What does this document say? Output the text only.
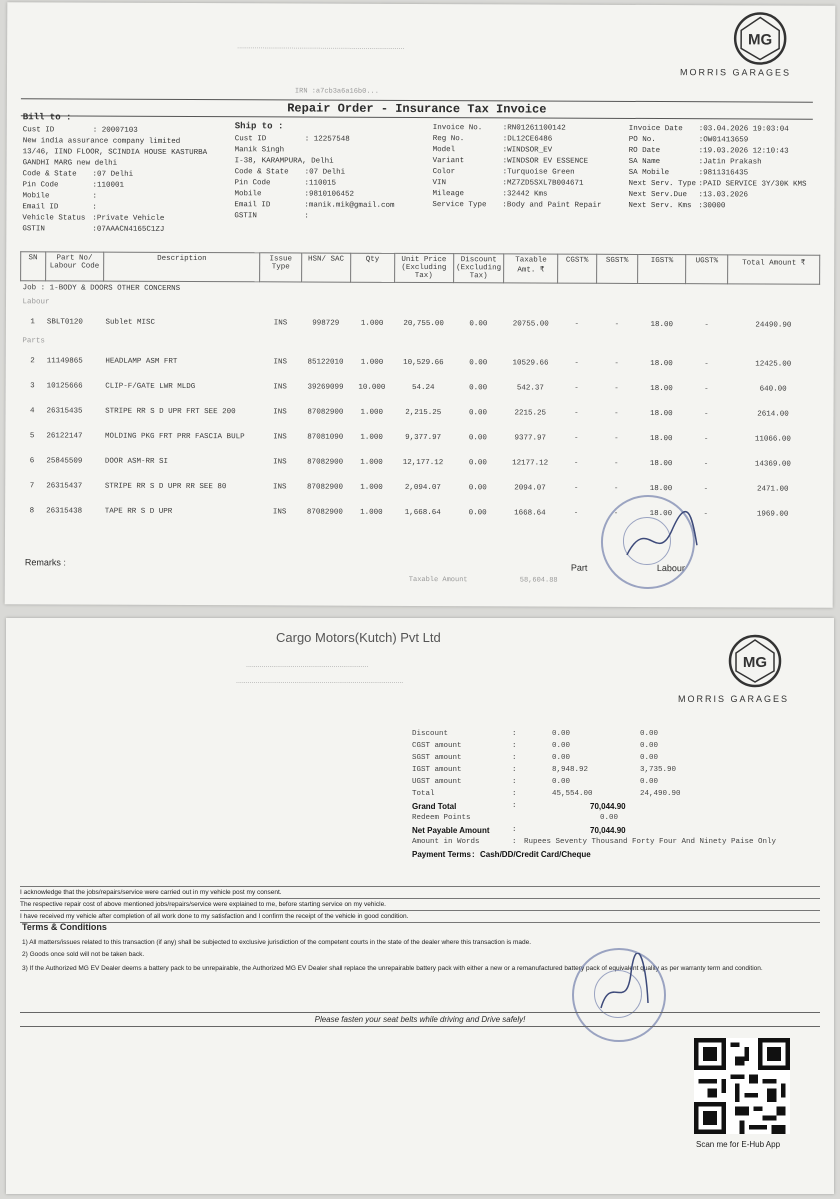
......................................................................................	MG
MORRIS GARAGES
IRN :a7cb3a6a16b0...
Repair Order - Insurance Tax Invoice
Bill to :
Cust ID	: 20007103
New india assurance company limited
13/46, IIND FLOOR, SCINDIA HOUSE KASTURBA
GANDHI MARG new delhi
Code & State	:07 Delhi
Pin Code	:110001
Mobile	:
Email ID	:
Vehicle Status :Private Vehicle
GSTIN	:07AAACN4165C1ZJ
Ship to :
Cust ID	: 12257548
Manik Singh
I-38, KARAMPURA, Delhi
Code & State	:07 Delhi
Pin Code	:110015
Mobile	:9810106452
Email ID	:manik.mik@gmail.com
GSTIN	:
Invoice No.	:RN01261100142
Reg No.	:DL12CE6486
Model	:WINDSOR_EV
Variant	:WINDSOR EV ESSENCE
Color	:Turquoise Green
VIN	:MZ7ZD5SXL7B004671
Mileage	:32442 Kms
Service Type	:Body and Paint Repair
Invoice Date	:03.04.2026 19:03:04
PO No.	:OW01413659
RO Date	:19.03.2026 12:10:43
SA Name	:Jatin Prakash
SA Mobile	:9811316435
Next Serv. Type :PAID SERVICE 3Y/30K KMS
Next Serv.Due	:13.03.2026
Next Serv. Kms :30000
SN	Part No/ Labour Code	Description	Issue Type	HSN/ SAC	Qty	Unit Price (Excluding Tax)	Discount (Excluding Tax)	Taxable Amt. ₹	CGST%	SGST%	IGST%	UGST%	Total Amount ₹
Job : 1-BODY & DOORS OTHER CONCERNS													
Labour													
1	SBLT0120	Sublet MISC	INS	998729	1.000	20,755.00	0.00	20755.00	-	-	18.00	-	24490.90
Parts													
2	11149865	HEADLAMP ASM FRT	INS	85122010	1.000	10,529.66	0.00	10529.66	-	-	18.00	-	12425.00
3	10125666	CLIP-F/GATE LWR MLDG	INS	39269099	10.000	54.24	0.00	542.37	-	-	18.00	-	640.00
4	26315435	STRIPE RR S D UPR FRT SEE 200	INS	87082900	1.000	2,215.25	0.00	2215.25	-	-	18.00	-	2614.00
5	26122147	MOLDING PKG FRT PRR FASCIA BULP	INS	87081090	1.000	9,377.97	0.00	9377.97	-	-	18.00	-	11066.00
6	25845509	DOOR ASM-RR SI	INS	87082900	1.000	12,177.12	0.00	12177.12	-	-	18.00	-	14369.00
7	26315437	STRIPE RR S D UPR RR SEE 80	INS	87082900	1.000	2,094.07	0.00	2094.07	-	-	18.00	-	2471.00
8	26315438	TAPE RR S D UPR	INS	87082900	1.000	1,668.64	0.00	1668.64	-	-	18.00	-	1969.00
Remarks :
Taxable Amount	58,604.88
Part	Labour
Cargo Motors(Kutch) Pvt Ltd
...............................................................
......................................................................................
MG
MORRIS GARAGES
Discount	:	0.00	0.00
CGST amount	:	0.00	0.00
SGST amount	:	0.00	0.00
IGST amount	:	8,948.92	3,735.90
UGST amount	:	0.00	0.00
Total	:	45,554.00	24,490.90
Grand Total	:	70,044.90
Redeem Points	0.00
Net Payable Amount	:	70,044.90
Amount in Words	: Rupees Seventy Thousand Forty Four And Ninety Paise Only
Payment Terms : Cash/DD/Credit Card/Cheque
I acknowledge that the jobs/repairs/service were carried out in my vehicle post my consent.
The respective repair cost of above mentioned jobs/repairs/service were explained to me, before starting service on my vehicle.
I have received my vehicle after completion of all work done to my satisfaction and I confirm the receipt of the vehicle in good condition.
Terms & Conditions
1) All matters/issues related to this transaction (if any) shall be subjected to exclusive jurisdiction of the competent courts in the state of the dealer where this transaction is made.
2) Goods once sold will not be taken back.
3) If the Authorized MG EV Dealer deems a battery pack to be unrepairable, the Authorized MG EV Dealer shall replace the unrepairable battery pack with either a new or a remanufactured battery pack of equivalent quality as per warranty term and condition.
Please fasten your seat belts while driving and Drive safely!
Scan me for E-Hub App
